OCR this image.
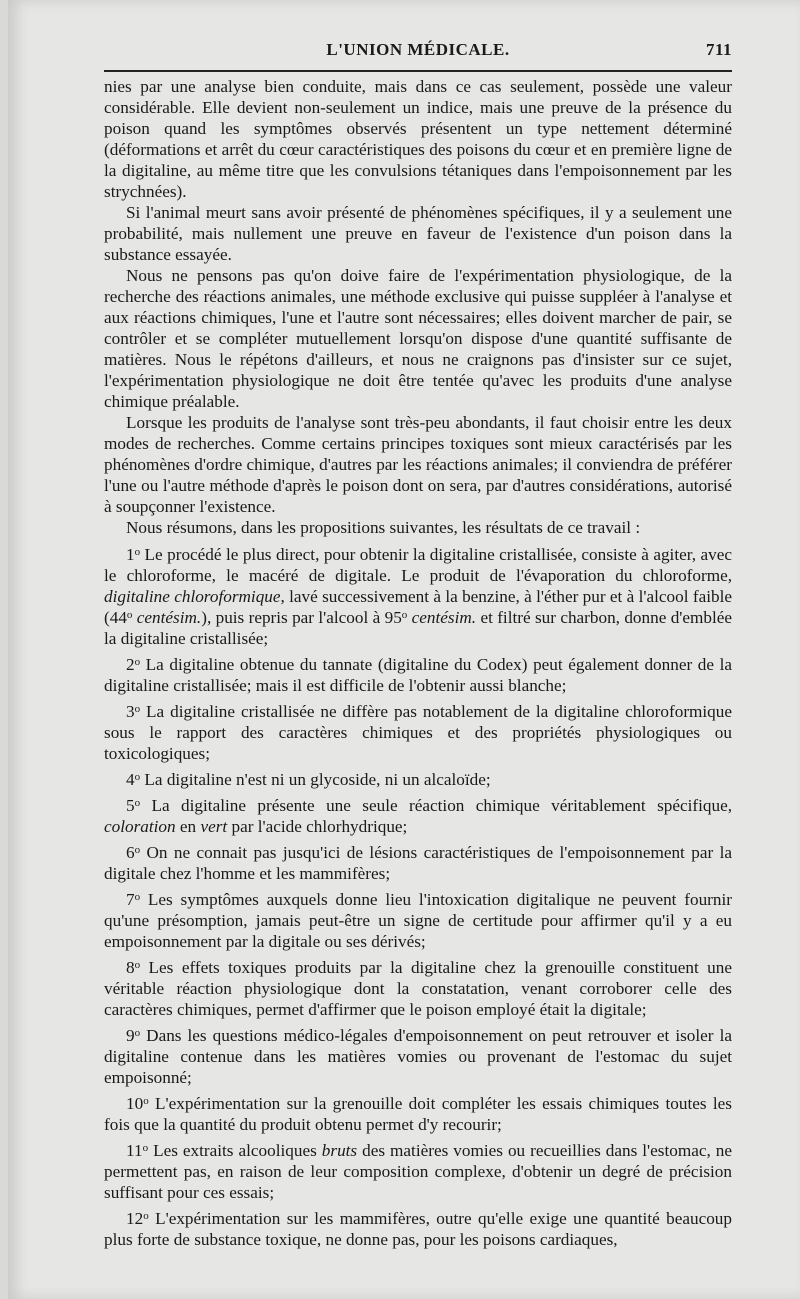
L'UNION MÉDICALE.	711

nies par une analyse bien conduite, mais dans ce cas seulement, possède une valeur considérable. Elle devient non-seulement un indice, mais une preuve de la présence du poison quand les symptômes observés présentent un type nettement déterminé (déformations et arrêt du cœur caractéristiques des poisons du cœur et en première ligne de la digitaline, au même titre que les convulsions tétaniques dans l'empoisonnement par les strychnées).

Si l'animal meurt sans avoir présenté de phénomènes spécifiques, il y a seulement une probabilité, mais nullement une preuve en faveur de l'existence d'un poison dans la substance essayée.

Nous ne pensons pas qu'on doive faire de l'expérimentation physiologique, de la recherche des réactions animales, une méthode exclusive qui puisse suppléer à l'analyse et aux réactions chimiques, l'une et l'autre sont nécessaires; elles doivent marcher de pair, se contrôler et se compléter mutuellement lorsqu'on dispose d'une quantité suffisante de matières. Nous le répétons d'ailleurs, et nous ne craignons pas d'insister sur ce sujet, l'expérimentation physiologique ne doit être tentée qu'avec les produits d'une analyse chimique préalable.

Lorsque les produits de l'analyse sont très-peu abondants, il faut choisir entre les deux modes de recherches. Comme certains principes toxiques sont mieux caractérisés par les phénomènes d'ordre chimique, d'autres par les réactions animales; il conviendra de préférer l'une ou l'autre méthode d'après le poison dont on sera, par d'autres considérations, autorisé à soupçonner l'existence.

Nous résumons, dans les propositions suivantes, les résultats de ce travail :

1$^o$ Le procédé le plus direct, pour obtenir la digitaline cristallisée, consiste à agiter, avec le chloroforme, le macéré de digitale. Le produit de l'évaporation du chloroforme, digitaline chloroformique, lavé successivement à la benzine, à l'éther pur et à l'alcool faible (44$^o$ centésim.), puis repris par l'alcool à 95$^o$ centésim. et filtré sur charbon, donne d'emblée la digitaline cristallisée;

2$^o$ La digitaline obtenue du tannate (digitaline du Codex) peut également donner de la digitaline cristallisée; mais il est difficile de l'obtenir aussi blanche;

3$^o$ La digitaline cristallisée ne diffère pas notablement de la digitaline chloroformique sous le rapport des caractères chimiques et des propriétés physiologiques ou toxicologiques;

4$^o$ La digitaline n'est ni un glycoside, ni un alcaloïde;

5$^o$ La digitaline présente une seule réaction chimique véritablement spécifique, coloration en vert par l'acide chlorhydrique;

6$^o$ On ne connait pas jusqu'ici de lésions caractéristiques de l'empoisonnement par la digitale chez l'homme et les mammifères;

7$^o$ Les symptômes auxquels donne lieu l'intoxication digitalique ne peuvent fournir qu'une présomption, jamais peut-être un signe de certitude pour affirmer qu'il y a eu empoisonnement par la digitale ou ses dérivés;

8$^o$ Les effets toxiques produits par la digitaline chez la grenouille constituent une véritable réaction physiologique dont la constatation, venant corroborer celle des caractères chimiques, permet d'affirmer que le poison employé était la digitale;

9$^o$ Dans les questions médico-légales d'empoisonnement on peut retrouver et isoler la digitaline contenue dans les matières vomies ou provenant de l'estomac du sujet empoisonné;

10$^o$ L'expérimentation sur la grenouille doit compléter les essais chimiques toutes les fois que la quantité du produit obtenu permet d'y recourir;

11$^o$ Les extraits alcooliques bruts des matières vomies ou recueillies dans l'estomac, ne permettent pas, en raison de leur composition complexe, d'obtenir un degré de précision suffisant pour ces essais;

12$^o$ L'expérimentation sur les mammifères, outre qu'elle exige une quantité beaucoup plus forte de substance toxique, ne donne pas, pour les poisons cardiaques,
